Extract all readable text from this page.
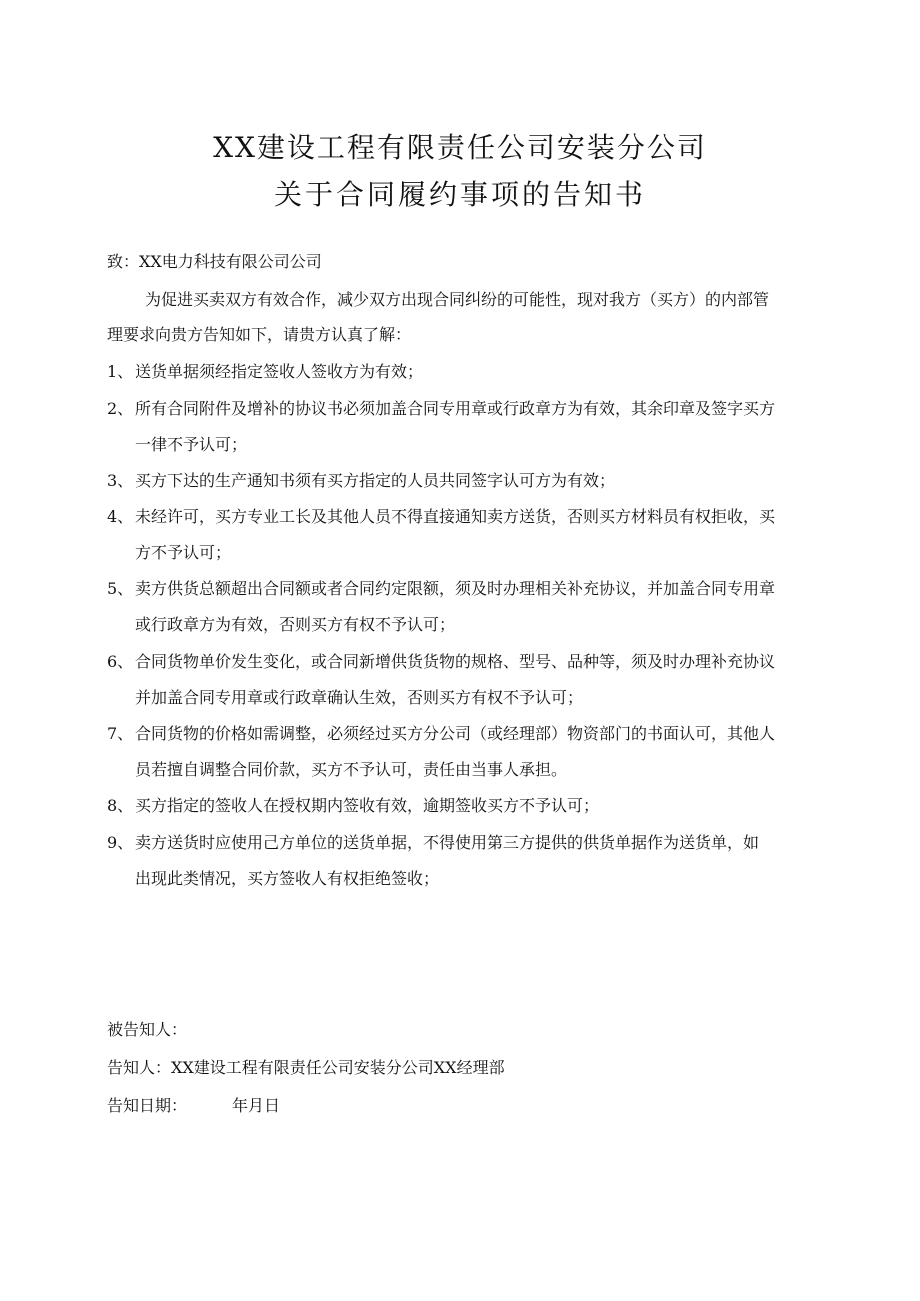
XX建设工程有限责任公司安装分公司
关于合同履约事项的告知书
致：XX电力科技有限公司公司
为促进买卖双方有效合作，减少双方出现合同纠纷的可能性，现对我方（买方）的内部管
理要求向贵方告知如下，请贵方认真了解：
1、 送货单据须经指定签收人签收方为有效；
2、 所有合同附件及增补的协议书必须加盖合同专用章或行政章方为有效，其余印章及签字买方
一律不予认可；
3、 买方下达的生产通知书须有买方指定的人员共同签字认可方为有效；
4、 未经许可，买方专业工长及其他人员不得直接通知卖方送货，否则买方材料员有权拒收，买
方不予认可；
5、 卖方供货总额超出合同额或者合同约定限额，须及时办理相关补充协议，并加盖合同专用章
或行政章方为有效，否则买方有权不予认可；
6、 合同货物单价发生变化，或合同新增供货货物的规格、型号、品种等，须及时办理补充协议
并加盖合同专用章或行政章确认生效，否则买方有权不予认可；
7、 合同货物的价格如需调整，必须经过买方分公司（或经理部）物资部门的书面认可，其他人
员若擅自调整合同价款，买方不予认可，责任由当事人承担。
8、 买方指定的签收人在授权期内签收有效，逾期签收买方不予认可；
9、 卖方送货时应使用己方单位的送货单据，不得使用第三方提供的供货单据作为送货单，如
出现此类情况，买方签收人有权拒绝签收；
被告知人：
告知人：XX建设工程有限责任公司安装分公司XX经理部
告知日期：	年月日
